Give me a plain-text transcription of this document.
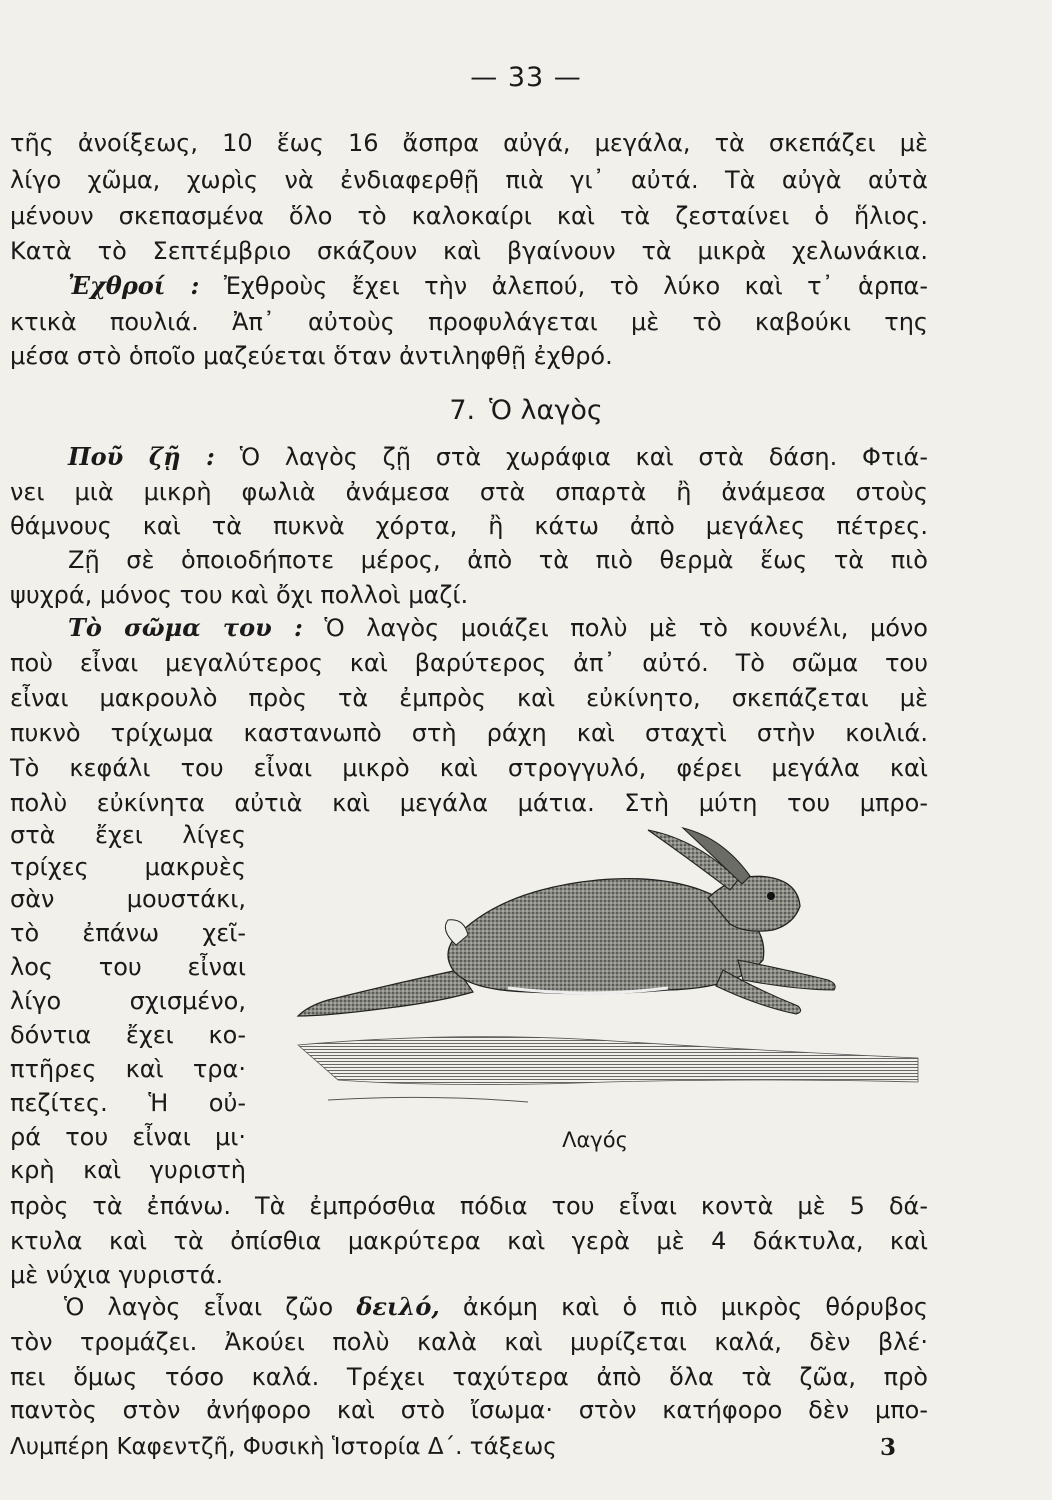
— 33 —
τῆς ἀνοίξεως, 10 ἕως 16 ἄσπρα αὐγά, μεγάλα, τὰ σκεπάζει μὲ
λίγο χῶμα, χωρὶς νὰ ἐνδιαφερθῇ πιὰ γι᾽ αὐτά. Τὰ αὐγὰ αὐτὰ
μένουν σκεπασμένα ὅλο τὸ καλοκαίρι καὶ τὰ ζεσταίνει ὁ ἥλιος.
Κατὰ τὸ Σεπτέμβριο σκάζουν καὶ βγαίνουν τὰ μικρὰ χελωνάκια.
Ἐχθροί : Ἐχθροὺς ἔχει τὴν ἀλεπού, τὸ λύκο καὶ τ᾽ ἁρπα-
κτικὰ πουλιά. Ἀπ᾽ αὐτοὺς προφυλάγεται μὲ τὸ καβούκι της
μέσα στὸ ὁποῖο μαζεύεται ὅταν ἀντιληφθῇ ἐχθρό.
7. Ὁ λαγὸς
Ποῦ ζῇ : Ὁ λαγὸς ζῇ στὰ χωράφια καὶ στὰ δάση. Φτιά-
νει μιὰ μικρὴ φωλιὰ ἀνάμεσα στὰ σπαρτὰ ἢ ἀνάμεσα στοὺς
θάμνους καὶ τὰ πυκνὰ χόρτα, ἢ κάτω ἀπὸ μεγάλες πέτρες.
Ζῇ σὲ ὁποιοδήποτε μέρος, ἀπὸ τὰ πιὸ θερμὰ ἕως τὰ πιὸ
ψυχρά, μόνος του καὶ ὄχι πολλοὶ μαζί.
Τὸ σῶμα του : Ὁ λαγὸς μοιάζει πολὺ μὲ τὸ κουνέλι, μόνο
ποὺ εἶναι μεγαλύτερος καὶ βαρύτερος ἀπ᾽ αὐτό. Τὸ σῶμα του
εἶναι μακρουλὸ πρὸς τὰ ἐμπρὸς καὶ εὐκίνητο, σκεπάζεται μὲ
πυκνὸ τρίχωμα καστανωπὸ στὴ ράχη καὶ σταχτὶ στὴν κοιλιά.
Τὸ κεφάλι του εἶναι μικρὸ καὶ στρογγυλό, φέρει μεγάλα καὶ
πολὺ εὐκίνητα αὐτιὰ καὶ μεγάλα μάτια. Στὴ μύτη του μπρο-
στὰ ἔχει λίγες
τρίχες μακρυὲς
σὰν μουστάκι,
τὸ ἐπάνω χεῖ-
λος του εἶναι
λίγο σχισμένο,
δόντια ἔχει κο-
πτῆρες καὶ τρα·
πεζίτες. Ἡ οὐ-
ρά του εἶναι μι·
κρὴ καὶ γυριστὴ
Λαγός
πρὸς τὰ ἐπάνω. Τὰ ἐμπρόσθια πόδια του εἶναι κοντὰ μὲ 5 δά-
κτυλα καὶ τὰ ὀπίσθια μακρύτερα καὶ γερὰ μὲ 4 δάκτυλα, καὶ
μὲ νύχια γυριστά.
Ὁ λαγὸς εἶναι ζῶο δειλό, ἀκόμη καὶ ὁ πιὸ μικρὸς θόρυβος
τὸν τρομάζει. Ἀκούει πολὺ καλὰ καὶ μυρίζεται καλά, δὲν βλέ·
πει ὅμως τόσο καλά. Τρέχει ταχύτερα ἀπὸ ὅλα τὰ ζῶα, πρὸ
παντὸς στὸν ἀνήφορο καὶ στὸ ἴσωμα· στὸν κατήφορο δὲν μπο-
Λυμπέρη Καφεντζῆ, Φυσικὴ Ἱστορία Δ΄. τάξεως	3
